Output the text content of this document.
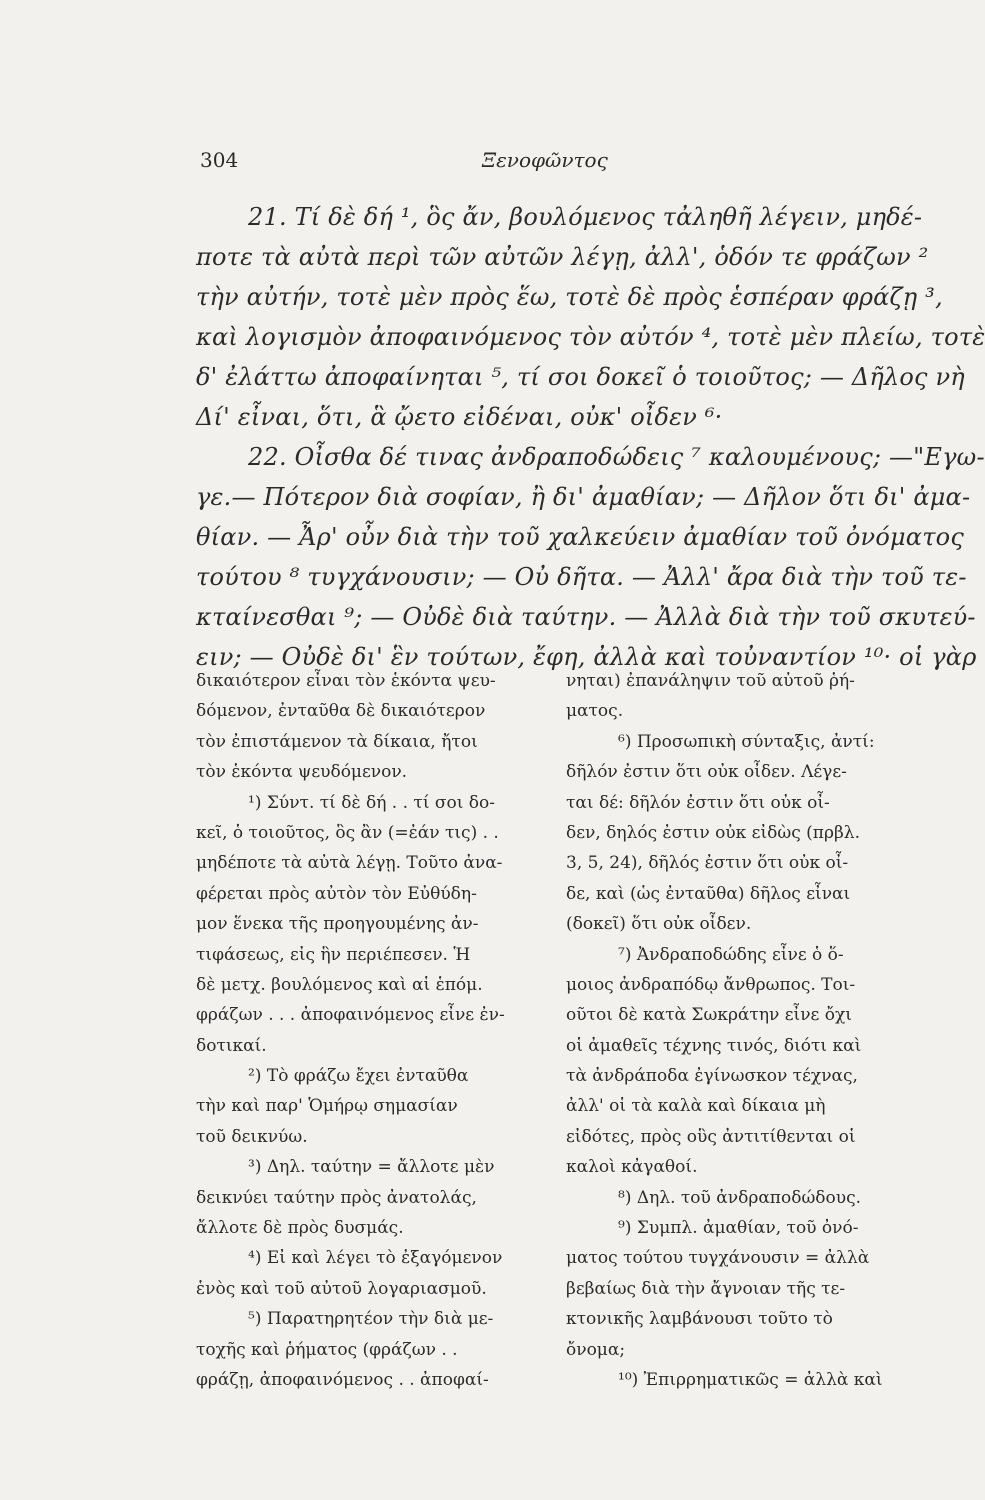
304	Ξενοφῶντος
21. Τί δὲ δή ¹, ὃς ἄν, βουλόμενος τἀληθῆ λέγειν, μηδέ-
ποτε τὰ αὐτὰ περὶ τῶν αὐτῶν λέγῃ, ἀλλ', ὁδόν τε φράζων ²
τὴν αὐτήν, τοτὲ μὲν πρὸς ἕω, τοτὲ δὲ πρὸς ἑσπέραν φράζῃ ³,
καὶ λογισμὸν ἀποφαινόμενος τὸν αὐτόν ⁴, τοτὲ μὲν πλείω, τοτὲ
δ' ἐλάττω ἀποφαίνηται ⁵, τί σοι δοκεῖ ὁ τοιοῦτος; — Δῆλος νὴ
Δί' εἶναι, ὅτι, ἃ ᾤετο εἰδέναι, οὐκ' οἶδεν ⁶·
22. Οἶσθα δέ τινας ἀνδραποδώδεις ⁷ καλουμένους; —"Εγω-
γε.— Πότερον διὰ σοφίαν, ἢ δι' ἀμαθίαν; — Δῆλον ὅτι δι' ἀμα-
θίαν. — Ἆρ' οὖν διὰ τὴν τοῦ χαλκεύειν ἀμαθίαν τοῦ ὀνόματος
τούτου ⁸ τυγχάνουσιν; — Οὐ δῆτα. — Ἀλλ' ἄρα διὰ τὴν τοῦ τε-
κταίνεσθαι ⁹; — Οὐδὲ διὰ ταύτην. — Ἀλλὰ διὰ τὴν τοῦ σκυτεύ-
ειν; — Οὐδὲ δι' ἓν τούτων, ἔφη, ἀλλὰ καὶ τοὐναντίον ¹⁰· οἱ γὰρ
δικαιότερον εἶναι τὸν ἑκόντα ψευ-
δόμενον, ἐνταῦθα δὲ δικαιότερον
τὸν ἐπιστάμενον τὰ δίκαια, ἤτοι
τὸν ἑκόντα ψευδόμενον.
¹) Σύντ. τί δὲ δή . . τί σοι δο-
κεῖ, ὁ τοιοῦτος, ὃς ἂν (=ἐάν τις) . .
μηδέποτε τὰ αὐτὰ λέγῃ. Τοῦτο ἀνα-
φέρεται πρὸς αὐτὸν τὸν Εὐθύδη-
μον ἕνεκα τῆς προηγουμένης ἀν-
τιφάσεως, εἰς ἣν περιέπεσεν. Ἡ
δὲ μετχ. βουλόμενος καὶ αἱ ἑπόμ.
φράζων . . . ἀποφαινόμενος εἶνε ἐν-
δοτικαί.
²) Τὸ φράζω ἔχει ἐνταῦθα
τὴν καὶ παρ' Ὁμήρῳ σημασίαν
τοῦ δεικνύω.
³) Δηλ. ταύτην = ἄλλοτε μὲν
δεικνύει ταύτην πρὸς ἀνατολάς,
ἄλλοτε δὲ πρὸς δυσμάς.
⁴) Εἰ καὶ λέγει τὸ ἐξαγόμενον
ἑνὸς καὶ τοῦ αὐτοῦ λογαριασμοῦ.
⁵) Παρατηρητέον τὴν διὰ με-
τοχῆς καὶ ῥήματος (φράζων . .
φράζῃ, ἀποφαινόμενος . . ἀποφαί-
νηται) ἐπανάληψιν τοῦ αὐτοῦ ῥή-
ματος.
⁶) Προσωπικὴ σύνταξις, ἀντί:
δῆλόν ἐστιν ὅτι οὐκ οἶδεν. Λέγε-
ται δέ: δῆλόν ἐστιν ὅτι οὐκ οἶ-
δεν, δηλός ἐστιν οὐκ εἰδὼς (πρβλ.
3, 5, 24), δῆλός ἐστιν ὅτι οὐκ οἶ-
δε, καὶ (ὡς ἐνταῦθα) δῆλος εἶναι
(δοκεῖ) ὅτι οὐκ οἶδεν.
⁷) Ἀνδραποδώδης εἶνε ὁ ὅ-
μοιος ἀνδραπόδῳ ἄνθρωπος. Τοι-
οῦτοι δὲ κατὰ Σωκράτην εἶνε ὄχι
οἱ ἀμαθεῖς τέχνης τινός, διότι καὶ
τὰ ἀνδράποδα ἐγίνωσκον τέχνας,
ἀλλ' οἱ τὰ καλὰ καὶ δίκαια μὴ
εἰδότες, πρὸς οὓς ἀντιτίθενται οἱ
καλοὶ κἀγαθοί.
⁸) Δηλ. τοῦ ἀνδραποδώδους.
⁹) Συμπλ. ἀμαθίαν, τοῦ ὀνό-
ματος τούτου τυγχάνουσιν = ἀλλὰ
βεβαίως διὰ τὴν ἄγνοιαν τῆς τε-
κτονικῆς λαμβάνουσι τοῦτο τὸ
ὄνομα;
¹⁰) Ἐπιρρηματικῶς = ἀλλὰ καὶ
